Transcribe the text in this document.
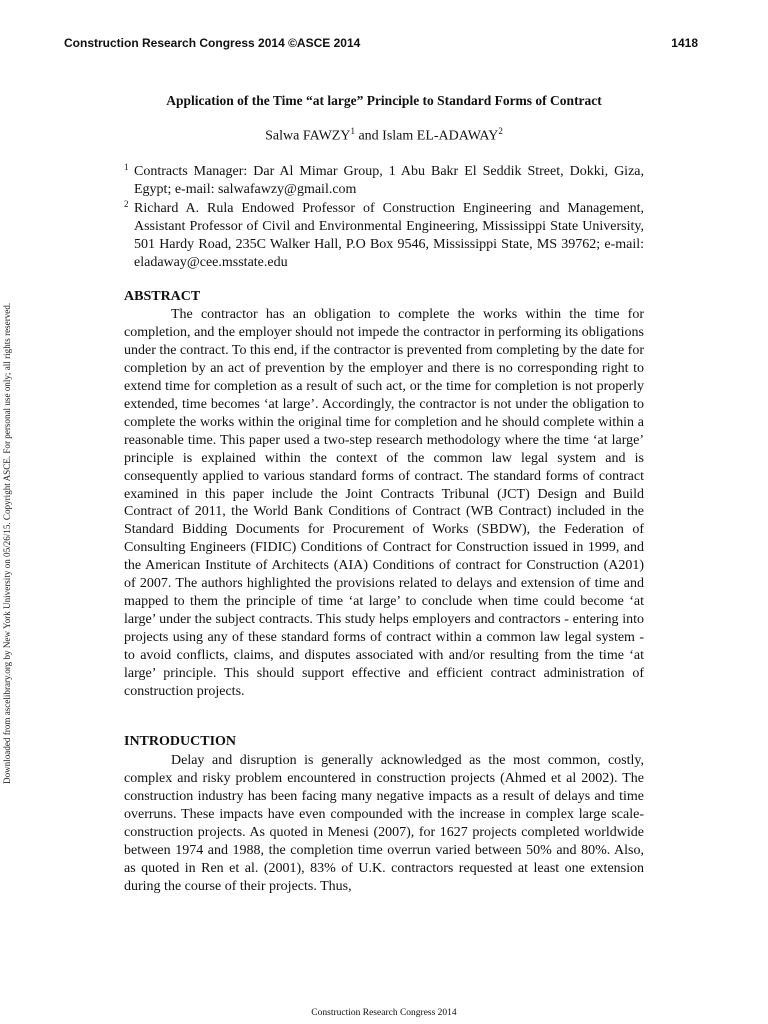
Construction Research Congress 2014 ©ASCE 2014	1418
Downloaded from ascelibrary.org by New York University on 05/26/15. Copyright ASCE. For personal use only; all rights reserved.
Application of the Time “at large” Principle to Standard Forms of Contract
Salwa FAWZY$^1$ and Islam EL-ADAWAY$^2$
1 Contracts Manager: Dar Al Mimar Group, 1 Abu Bakr El Seddik Street, Dokki, Giza, Egypt; e-mail: salwafawzy@gmail.com
2 Richard A. Rula Endowed Professor of Construction Engineering and Management, Assistant Professor of Civil and Environmental Engineering, Mississippi State University, 501 Hardy Road, 235C Walker Hall, P.O Box 9546, Mississippi State, MS 39762; e-mail: eladaway@cee.msstate.edu
ABSTRACT

The contractor has an obligation to complete the works within the time for completion, and the employer should not impede the contractor in performing its obligations under the contract. To this end, if the contractor is prevented from completing by the date for completion by an act of prevention by the employer and there is no corresponding right to extend time for completion as a result of such act, or the time for completion is not properly extended, time becomes ‘at large’. Accordingly, the contractor is not under the obligation to complete the works within the original time for completion and he should complete within a reasonable time. This paper used a two-step research methodology where the time ‘at large’ principle is explained within the context of the common law legal system and is consequently applied to various standard forms of contract. The standard forms of contract examined in this paper include the Joint Contracts Tribunal (JCT) Design and Build Contract of 2011, the World Bank Conditions of Contract (WB Contract) included in the Standard Bidding Documents for Procurement of Works (SBDW), the Federation of Consulting Engineers (FIDIC) Conditions of Contract for Construction issued in 1999, and the American Institute of Architects (AIA) Conditions of contract for Construction (A201) of 2007. The authors highlighted the provisions related to delays and extension of time and mapped to them the principle of time ‘at large’ to conclude when time could become ‘at large’ under the subject contracts. This study helps employers and contractors - entering into projects using any of these standard forms of contract within a common law legal system - to avoid conflicts, claims, and disputes associated with and/or resulting from the time ‘at large’ principle. This should support effective and efficient contract administration of construction projects.

INTRODUCTION

Delay and disruption is generally acknowledged as the most common, costly, complex and risky problem encountered in construction projects (Ahmed et al 2002). The construction industry has been facing many negative impacts as a result of delays and time overruns. These impacts have even compounded with the increase in complex large scale-construction projects. As quoted in Menesi (2007), for 1627 projects completed worldwide between 1974 and 1988, the completion time overrun varied between 50% and 80%. Also, as quoted in Ren et al. (2001), 83% of U.K. contractors requested at least one extension during the course of their projects. Thus,

Construction Research Congress 2014
